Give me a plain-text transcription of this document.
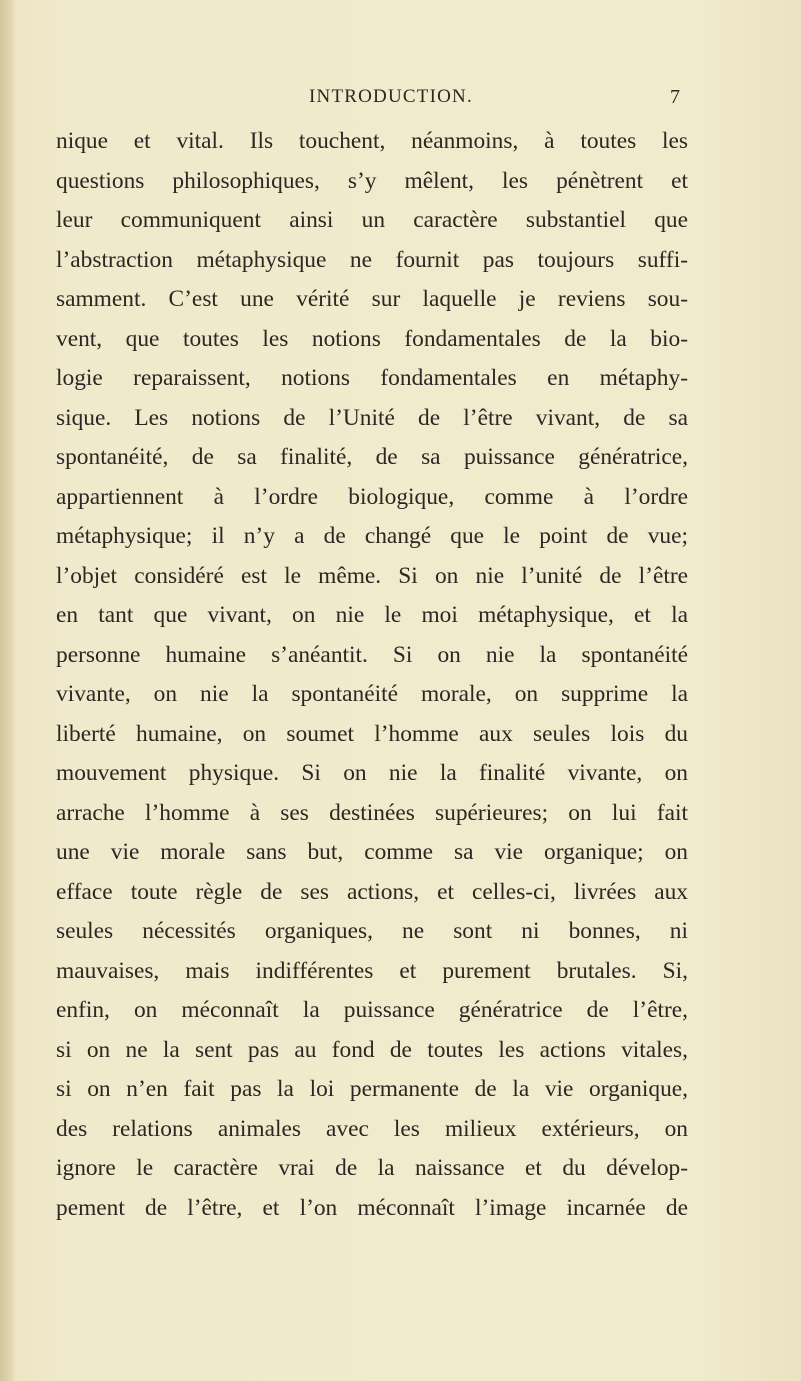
INTRODUCTION.	7
nique et vital. Ils touchent, néanmoins, à toutes les
questions philosophiques, s’y mêlent, les pénètrent et
leur communiquent ainsi un caractère substantiel que
l’abstraction métaphysique ne fournit pas toujours suffi-
samment. C’est une vérité sur laquelle je reviens sou-
vent, que toutes les notions fondamentales de la bio-
logie reparaissent, notions fondamentales en métaphy-
sique. Les notions de l’Unité de l’être vivant, de sa
spontanéité, de sa finalité, de sa puissance génératrice,
appartiennent à l’ordre biologique, comme à l’ordre
métaphysique; il n’y a de changé que le point de vue;
l’objet considéré est le même. Si on nie l’unité de l’être
en tant que vivant, on nie le moi métaphysique, et la
personne humaine s’anéantit. Si on nie la spontanéité
vivante, on nie la spontanéité morale, on supprime la
liberté humaine, on soumet l’homme aux seules lois du
mouvement physique. Si on nie la finalité vivante, on
arrache l’homme à ses destinées supérieures; on lui fait
une vie morale sans but, comme sa vie organique; on
efface toute règle de ses actions, et celles-ci, livrées aux
seules nécessités organiques, ne sont ni bonnes, ni
mauvaises, mais indifférentes et purement brutales. Si,
enfin, on méconnaît la puissance génératrice de l’être,
si on ne la sent pas au fond de toutes les actions vitales,
si on n’en fait pas la loi permanente de la vie organique,
des relations animales avec les milieux extérieurs, on
ignore le caractère vrai de la naissance et du dévelop-
pement de l’être, et l’on méconnaît l’image incarnée de
